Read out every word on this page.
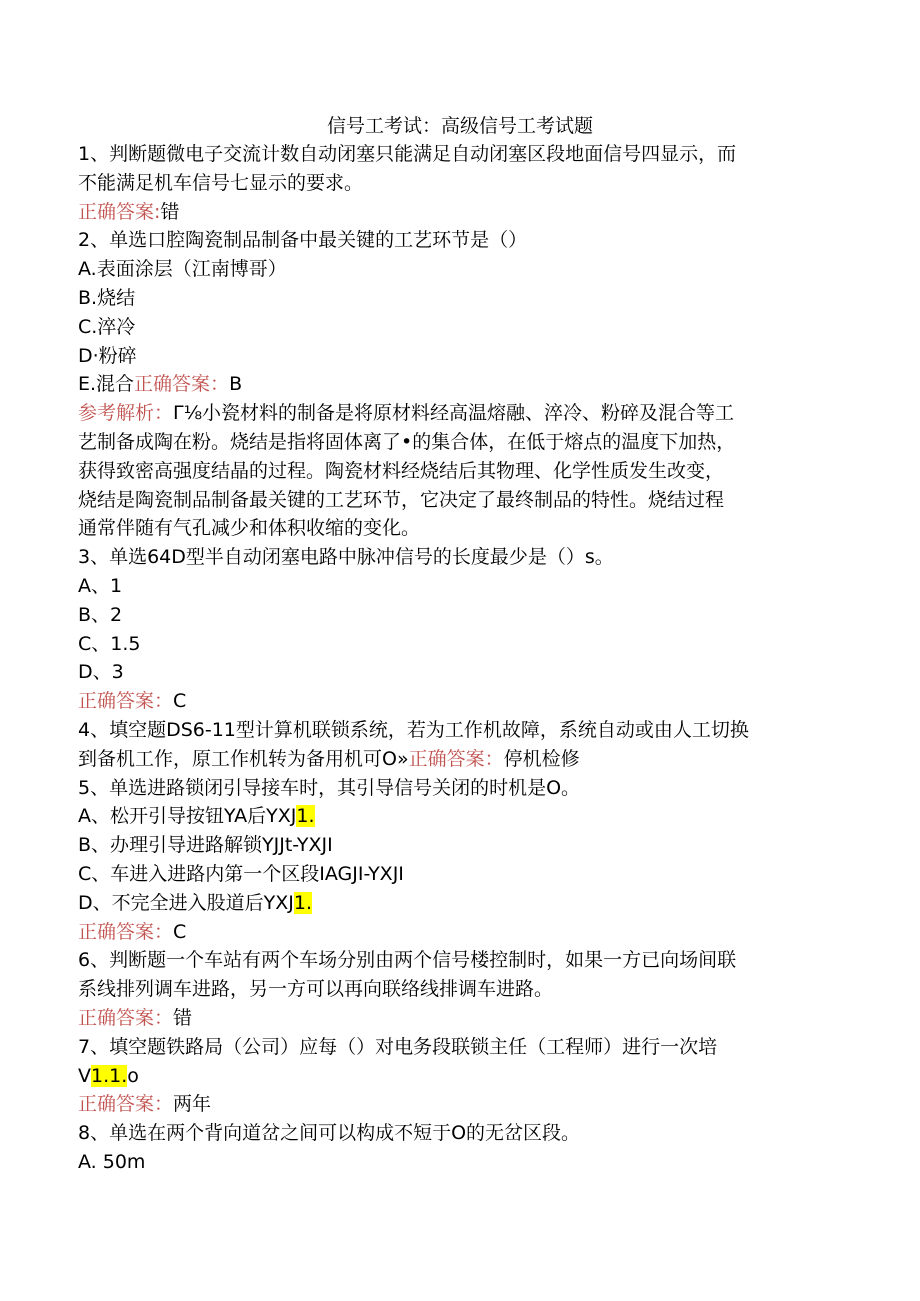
信号工考试：高级信号工考试题
1、判断题微电子交流计数自动闭塞只能满足自动闭塞区段地面信号四显示，而
不能满足机车信号七显示的要求。
正确答案:错
2、单选口腔陶瓷制品制备中最关键的工艺环节是（）
A.表面涂层（江南博哥）
B.烧结
C.淬冷
D·粉碎
E.混合正确答案：B
参考解析：Γ⅛小瓷材料的制备是将原材料经高温熔融、淬冷、粉碎及混合等工
艺制备成陶在粉。烧结是指将固体离了•的集合体，在低于熔点的温度下加热，
获得致密高强度结晶的过程。陶瓷材料经烧结后其物理、化学性质发生改变，
烧结是陶瓷制品制备最关键的工艺环节，它决定了最终制品的特性。烧结过程
通常伴随有气孔减少和体积收缩的变化。
3、单选64D型半自动闭塞电路中脉冲信号的长度最少是（）s。
A、1
B、2
C、1.5
D、3
正确答案：C
4、填空题DS6-11型计算机联锁系统，若为工作机故障，系统自动或由人工切换
到备机工作，原工作机转为备用机可O»正确答案：停机检修
5、单选进路锁闭引导接车时，其引导信号关闭的时机是O。
A、松开引导按钮YA后YXJ1.
B、办理引导进路解锁YJJt-YXJI
C、车进入进路内第一个区段IAGJI-YXJI
D、不完全进入股道后YXJ1.
正确答案：C
6、判断题一个车站有两个车场分别由两个信号楼控制时，如果一方已向场间联
系线排列调车进路，另一方可以再向联络线排调车进路。
正确答案：错
7、填空题铁路局（公司）应每（）对电务段联锁主任（工程师）进行一次培
V1.1.o
正确答案：两年
8、单选在两个背向道岔之间可以构成不短于O的无岔区段。
A. 50m
